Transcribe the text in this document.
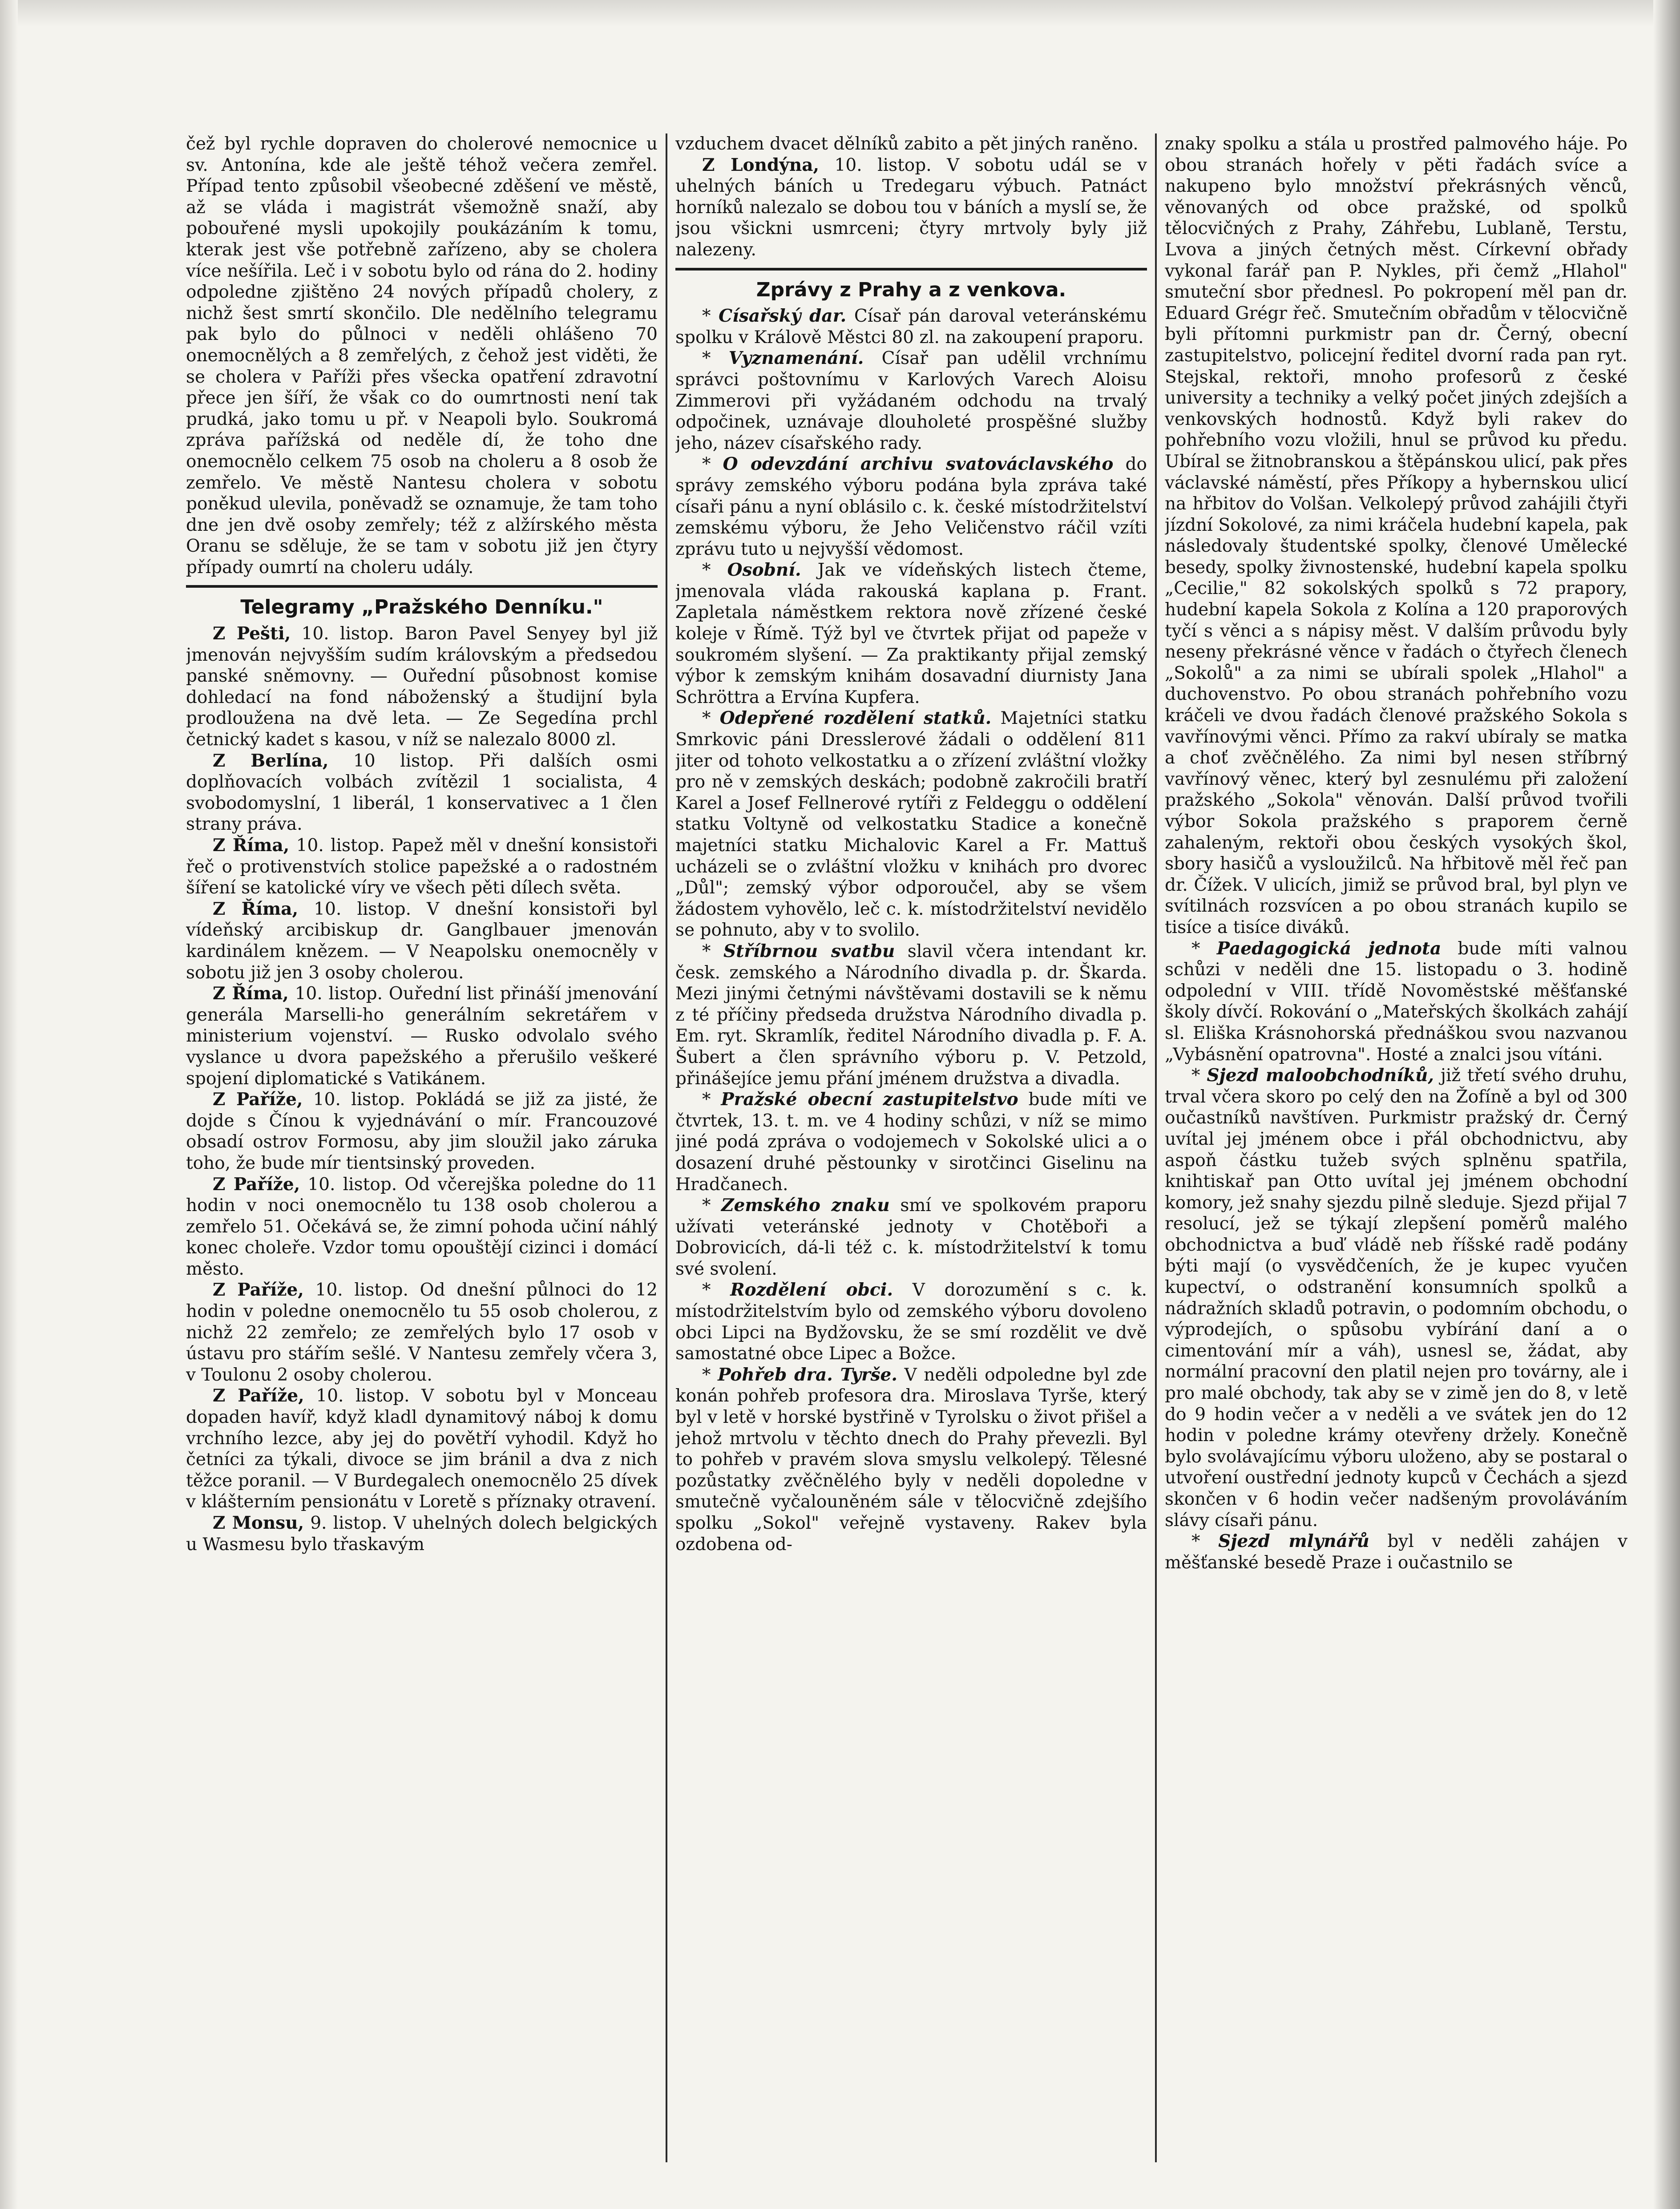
čež byl rychle dopraven do cholerové nemocnice u sv. Antonína, kde ale ještě téhož večera zemřel. Případ tento způsobil všeobecné zděšení ve městě, až se vláda i magistrát všemožně snaží, aby pobouřené mysli upokojily poukázáním k tomu, kterak jest vše potřebně zařízeno, aby se cholera více nešířila. Leč i v sobotu bylo od rána do 2. hodiny odpoledne zjištěno 24 nových případů cholery, z nichž šest smrtí skončilo. Dle nedělního telegramu pak bylo do půlnoci v neděli ohlášeno 70 onemocnělých a 8 zemřelých, z čehož jest viděti, že se cholera v Paříži přes všecka opatření zdravotní přece jen šíří, že však co do oumrtnosti není tak prudká, jako tomu u př. v Neapoli bylo. Soukromá zpráva pařížská od neděle dí, že toho dne onemocnělo celkem 75 osob na choleru a 8 osob že zemřelo. Ve městě Nantesu cholera v sobotu poněkud ulevila, poněvadž se oznamuje, že tam toho dne jen dvě osoby zemřely; též z alžírského města Oranu se sděluje, že se tam v sobotu již jen čtyry případy oumrtí na choleru udály.

Telegramy „Pražského Denníku."

Z Pešti, 10. listop. Baron Pavel Senyey byl již jmenován nejvyšším sudím královským a předsedou panské sněmovny. — Ouřední působnost komise dohledací na fond náboženský a študijní byla prodloužena na dvě leta. — Ze Segedína prchl četnický kadet s kasou, v níž se nalezalo 8000 zl.

Z Berlína, 10 listop. Při dalších osmi doplňovacích volbách zvítězil 1 socialista, 4 svobodomyslní, 1 liberál, 1 konservativec a 1 člen strany práva.

Z Říma, 10. listop. Papež měl v dnešní konsistoři řeč o protivenstvích stolice papežské a o radostném šíření se katolické víry ve všech pěti dílech světa.

Z Říma, 10. listop. V dnešní konsistoři byl vídeňský arcibiskup dr. Ganglbauer jmenován kardinálem knězem. — V Neapolsku onemocněly v sobotu již jen 3 osoby cholerou.

Z Říma, 10. listop. Ouřední list přináší jmenování generála Marselli-ho generálním sekretářem v ministerium vojenství. — Rusko odvolalo svého vyslance u dvora papežského a přerušilo veškeré spojení diplomatické s Vatikánem.

Z Paříže, 10. listop. Pokládá se již za jisté, že dojde s Čínou k vyjednávání o mír. Francouzové obsadí ostrov Formosu, aby jim sloužil jako záruka toho, že bude mír tientsinský proveden.

Z Paříže, 10. listop. Od včerejška poledne do 11 hodin v noci onemocnělo tu 138 osob cholerou a zemřelo 51. Očekává se, že zimní pohoda učiní náhlý konec choleře. Vzdor tomu opouštějí cizinci i domácí město.

Z Paříže, 10. listop. Od dnešní půlnoci do 12 hodin v poledne onemocnělo tu 55 osob cholerou, z nichž 22 zemřelo; ze zemřelých bylo 17 osob v ústavu pro stářím sešlé. V Nantesu zemřely včera 3, v Toulonu 2 osoby cholerou.

Z Paříže, 10. listop. V sobotu byl v Monceau dopaden havíř, když kladl dynamitový náboj k domu vrchního lezce, aby jej do povětří vyhodil. Když ho četníci za týkali, divoce se jim bránil a dva z nich těžce poranil. — V Burdegalech onemocnělo 25 dívek v klášterním pensionátu v Loretě s příznaky otravení.

Z Monsu, 9. listop. V uhelných dolech belgických u Wasmesu bylo třaskavým

vzduchem dvacet dělníků zabito a pět jiných raněno.

Z Londýna, 10. listop. V sobotu udál se v uhelných báních u Tredegaru výbuch. Patnáct horníků nalezalo se dobou tou v báních a myslí se, že jsou všickni usmrceni; čtyry mrtvoly byly již nalezeny.

Zprávy z Prahy a z venkova.

* Císařský dar. Císař pán daroval veteránskému spolku v Králově Městci 80 zl. na zakoupení praporu.

* Vyznamenání. Císař pan udělil vrchnímu správci poštovnímu v Karlových Varech Aloisu Zimmerovi při vyžádaném odchodu na trvalý odpočinek, uznávaje dlouholeté prospěšné služby jeho, název císařského rady.

* O odevzdání archivu svatováclavského do správy zemského výboru podána byla zpráva také císaři pánu a nyní oblásilo c. k. české místodržitelství zemskému výboru, že Jeho Veličenstvo ráčil vzíti zprávu tuto u nejvyšší vědomost.

* Osobní. Jak ve vídeňských listech čteme, jmenovala vláda rakouská kaplana p. Frant. Zapletala náměstkem rektora nově zřízené české koleje v Římě. Týž byl ve čtvrtek přijat od papeže v soukromém slyšení. — Za praktikanty přijal zemský výbor k zemským knihám dosavadní diurnisty Jana Schröttra a Ervína Kupfera.

* Odepřené rozdělení statků. Majetníci statku Smrkovic páni Dresslerové žádali o oddělení 811 jiter od tohoto velkostatku a o zřízení zvláštní vložky pro ně v zemských deskách; podobně zakročili bratří Karel a Josef Fellnerové rytíři z Feldeggu o oddělení statku Voltyně od velkostatku Stadice a konečně majetníci statku Michalovic Karel a Fr. Mattuš ucházeli se o zvláštní vložku v knihách pro dvorec „Důl"; zemský výbor odporoučel, aby se všem žádostem vyhovělo, leč c. k. místodržitelství nevidělo se pohnuto, aby v to svolilo.

* Stříbrnou svatbu slavil včera intendant kr. česk. zemského a Národního divadla p. dr. Škarda. Mezi jinými četnými návštěvami dostavili se k němu z té příčiny předseda družstva Národního divadla p. Em. ryt. Skramlík, ředitel Národního divadla p. F. A. Šubert a člen správního výboru p. V. Petzold, přinášejíce jemu přání jménem družstva a divadla.

* Pražské obecní zastupitelstvo bude míti ve čtvrtek, 13. t. m. ve 4 hodiny schůzi, v níž se mimo jiné podá zpráva o vodojemech v Sokolské ulici a o dosazení druhé pěstounky v sirotčinci Giselinu na Hradčanech.

* Zemského znaku smí ve spolkovém praporu užívati veteránské jednoty v Chotěboři a Dobrovicích, dá-li též c. k. místodržitelství k tomu své svolení.

* Rozdělení obci. V dorozumění s c. k. místodržitelstvím bylo od zemského výboru dovoleno obci Lipci na Bydžovsku, že se smí rozdělit ve dvě samostatné obce Lipec a Božce.

* Pohřeb dra. Tyrše. V neděli odpoledne byl zde konán pohřeb profesora dra. Miroslava Tyrše, který byl v letě v horské bystřině v Tyrolsku o život přišel a jehož mrtvolu v těchto dnech do Prahy převezli. Byl to pohřeb v pravém slova smyslu velkolepý. Tělesné pozůstatky zvěčnělého byly v neděli dopoledne v smutečně vyčalouněném sále v tělocvičně zdejšího spolku „Sokol" veřejně vystaveny. Rakev byla ozdobena od-

znaky spolku a stála u prostřed palmového háje. Po obou stranách hořely v pěti řadách svíce a nakupeno bylo množství překrásných věnců, věnovaných od obce pražské, od spolků tělocvičných z Prahy, Záhřebu, Lublaně, Terstu, Lvova a jiných četných měst. Církevní obřady vykonal farář pan P. Nykles, při čemž „Hlahol" smuteční sbor přednesl. Po pokropení měl pan dr. Eduard Grégr řeč. Smutečním obřadům v tělocvičně byli přítomni purkmistr pan dr. Černý, obecní zastupitelstvo, policejní ředitel dvorní rada pan ryt. Stejskal, rektoři, mnoho profesorů z české university a techniky a velký počet jiných zdejších a venkovských hodnostů. Když byli rakev do pohřebního vozu vložili, hnul se průvod ku předu. Ubíral se žitnobranskou a štěpánskou ulicí, pak přes václavské náměstí, přes Příkopy a hybernskou ulicí na hřbitov do Volšan. Velkolepý průvod zahájili čtyři jízdní Sokolové, za nimi kráčela hudební kapela, pak následovaly študentské spolky, členové Umělecké besedy, spolky živnostenské, hudební kapela spolku „Cecilie," 82 sokolských spolků s 72 prapory, hudební kapela Sokola z Kolína a 120 praporových tyčí s věnci a s nápisy měst. V dalším průvodu byly neseny překrásné věnce v řadách o čtyřech členech „Sokolů" a za nimi se ubírali spolek „Hlahol" a duchovenstvo. Po obou stranách pohřebního vozu kráčeli ve dvou řadách členové pražského Sokola s vavřínovými věnci. Přímo za rakví ubíraly se matka a choť zvěčnělého. Za nimi byl nesen stříbrný vavřínový věnec, který byl zesnulému při založení pražského „Sokola" věnován. Další průvod tvořili výbor Sokola pražského s praporem černě zahaleným, rektoři obou českých vysokých škol, sbory hasičů a vysloužilců. Na hřbitově měl řeč pan dr. Čížek. V ulicích, jimiž se průvod bral, byl plyn ve svítilnách rozsvícen a po obou stranách kupilo se tisíce a tisíce diváků.

* Paedagogická jednota bude míti valnou schůzi v neděli dne 15. listopadu o 3. hodině odpolední v VIII. třídě Novoměstské měšťanské školy dívčí. Rokování o „Mateřských školkách zahájí sl. Eliška Krásnohorská přednáškou svou nazvanou „Vybásnění opatrovna". Hosté a znalci jsou vítáni.

* Sjezd maloobchodníků, již třetí svého druhu, trval včera skoro po celý den na Žofíně a byl od 300 oučastníků navštíven. Purkmistr pražský dr. Černý uvítal jej jménem obce i přál obchodnictvu, aby aspoň částku tužeb svých splněnu spatřila, knihtiskař pan Otto uvítal jej jménem obchodní komory, jež snahy sjezdu pilně sleduje. Sjezd přijal 7 resolucí, jež se týkají zlepšení poměrů malého obchodnictva a buď vládě neb říšské radě podány býti mají (o vysvědčeních, že je kupec vyučen kupectví, o odstranění konsumních spolků a nádražních skladů potravin, o podomním obchodu, o výprodejích, o spůsobu vybírání daní a o cimentování mír a váh), usnesl se, žádat, aby normální pracovní den platil nejen pro továrny, ale i pro malé obchody, tak aby se v zimě jen do 8, v letě do 9 hodin večer a v neděli a ve svátek jen do 12 hodin v poledne krámy otevřeny držely. Konečně bylo svolávajícímu výboru uloženo, aby se postaral o utvoření oustřední jednoty kupců v Čechách a sjezd skončen v 6 hodin večer nadšeným provoláváním slávy císaři pánu.

* Sjezd mlynářů byl v neděli zahájen v měšťanské besedě Praze i oučastnilo se
